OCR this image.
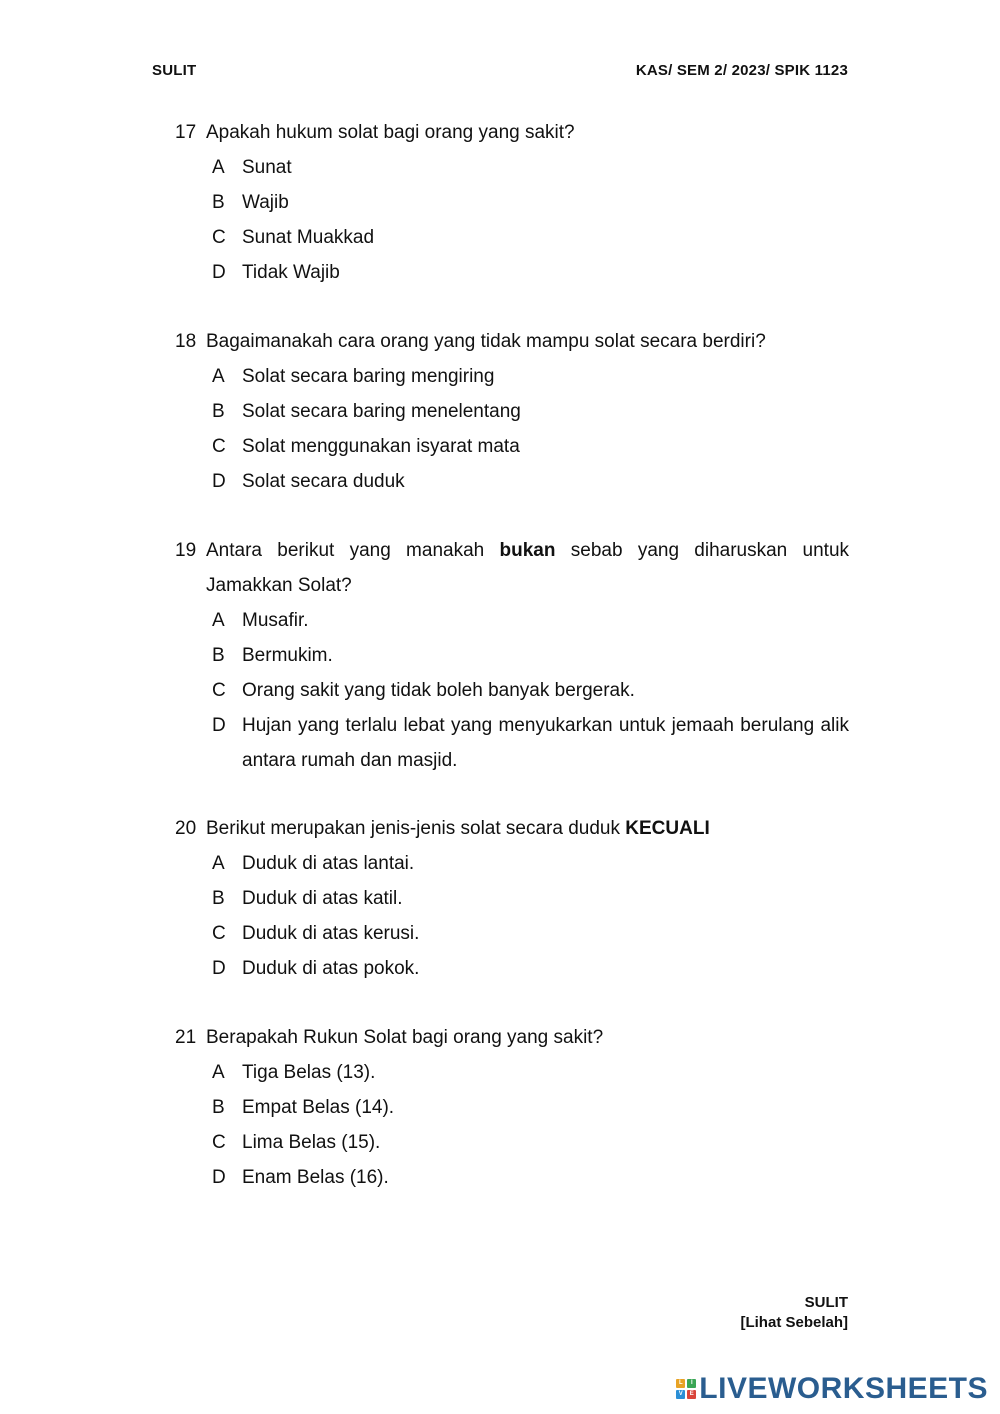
SULIT	KAS/ SEM 2/ 2023/ SPIK 1123
17 Apakah hukum solat bagi orang yang sakit?
A Sunat
B Wajib
C Sunat Muakkad
D Tidak Wajib
18 Bagaimanakah cara orang yang tidak mampu solat secara berdiri?
A Solat secara baring mengiring
B Solat secara baring menelentang
C Solat menggunakan isyarat mata
D Solat secara duduk
19 Antara berikut yang manakah bukan sebab yang diharuskan untuk Jamakkan Solat?
A Musafir.
B Bermukim.
C Orang sakit yang tidak boleh banyak bergerak.
D Hujan yang terlalu lebat yang menyukarkan untuk jemaah berulang alik antara rumah dan masjid.
20 Berikut merupakan jenis-jenis solat secara duduk KECUALI
A Duduk di atas lantai.
B Duduk di atas katil.
C Duduk di atas kerusi.
D Duduk di atas pokok.
21 Berapakah Rukun Solat bagi orang yang sakit?
A Tiga Belas (13).
B Empat Belas (14).
C Lima Belas (15).
D Enam Belas (16).
SULIT
[Lihat Sebelah]
L	I
V	E LIVEWORKSHEETS
